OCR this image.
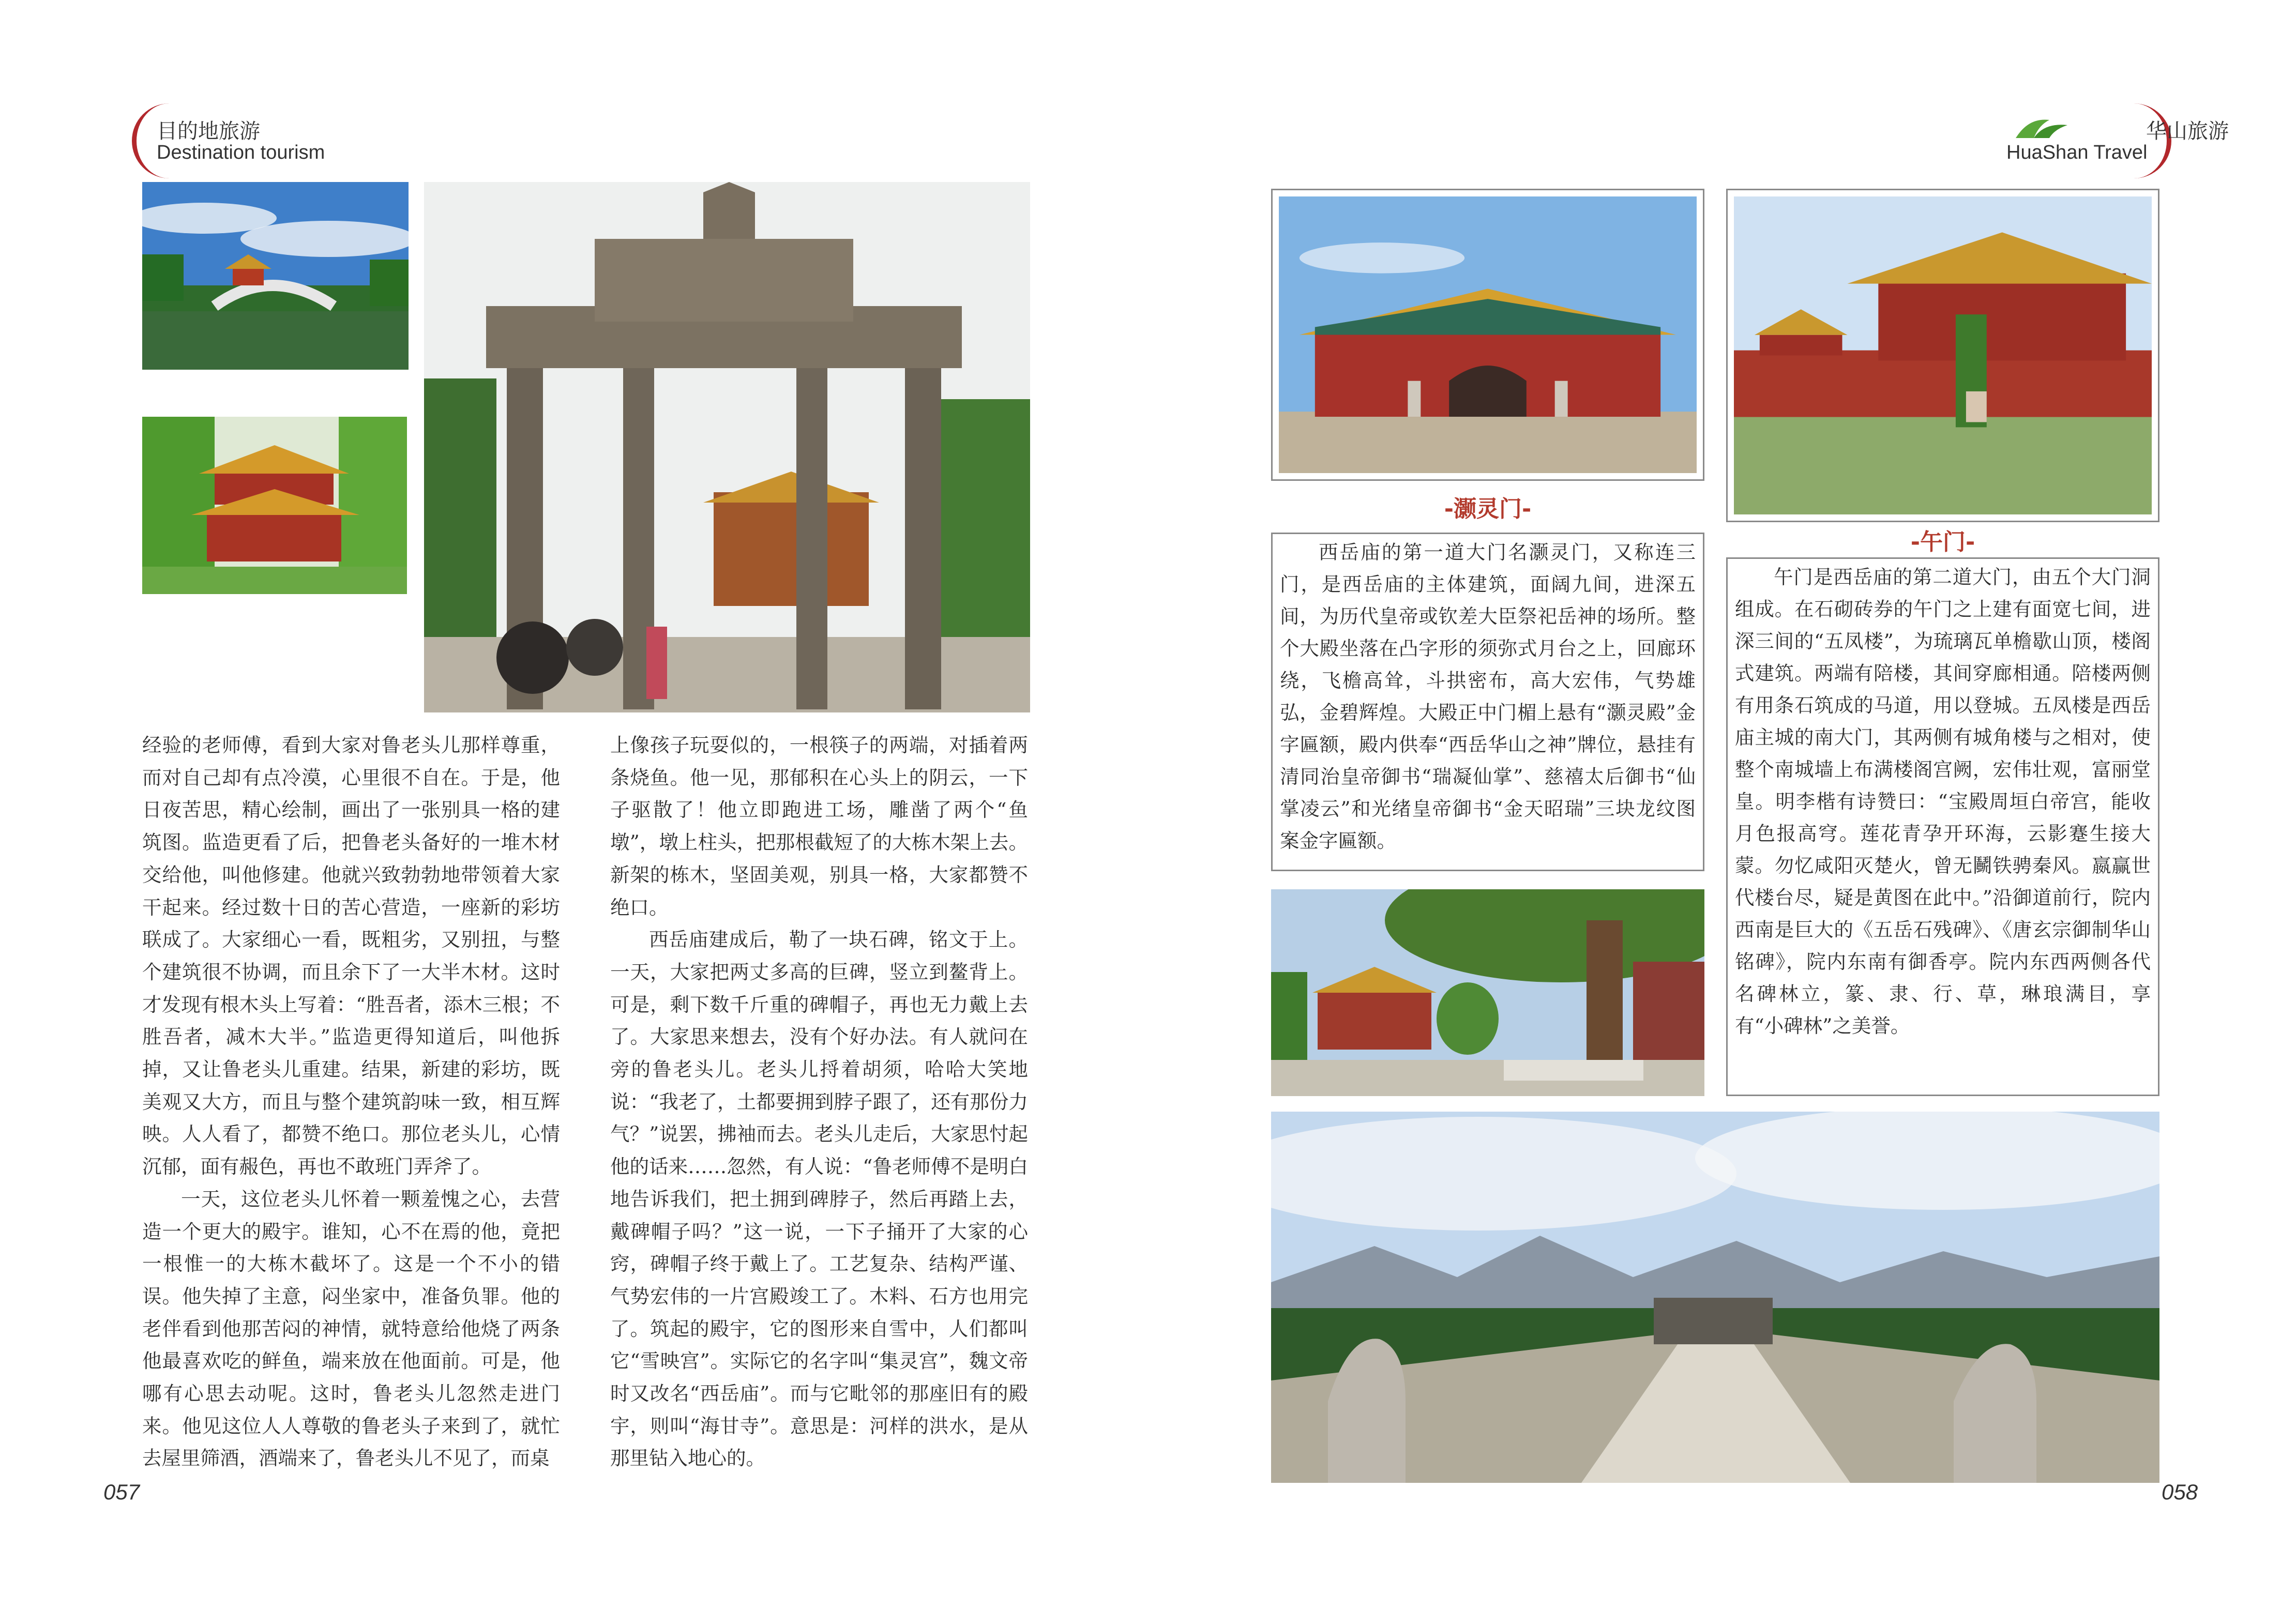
目的地旅游
Destination tourism
华山旅游
HuaShan Travel

经验的老师傅，看到大家对鲁老头儿那样尊重，而对自己却有点冷漠，心里很不自在。于是，他日夜苦思，精心绘制，画出了一张别具一格的建筑图。监造更看了后，把鲁老头备好的一堆木材交给他，叫他修建。他就兴致勃勃地带领着大家干起来。经过数十日的苦心营造，一座新的彩坊联成了。大家细心一看，既粗劣，又别扭，与整个建筑很不协调，而且余下了一大半木材。这时才发现有根木头上写着：“胜吾者，添木三根；不胜吾者，减木大半。”监造更得知道后，叫他拆掉，又让鲁老头儿重建。结果，新建的彩坊，既美观又大方，而且与整个建筑韵味一致，相互辉映。人人看了，都赞不绝口。那位老头儿，心情沉郁，面有赧色，再也不敢班门弄斧了。

一天，这位老头儿怀着一颗羞愧之心，去营造一个更大的殿宇。谁知，心不在焉的他，竟把一根惟一的大栋木截坏了。这是一个不小的错误。他失掉了主意，闷坐家中，准备负罪。他的老伴看到他那苦闷的神情，就特意给他烧了两条他最喜欢吃的鲜鱼，端来放在他面前。可是，他哪有心思去动呢。这时，鲁老头儿忽然走进门来。他见这位人人尊敬的鲁老头子来到了，就忙去屋里筛酒，酒端来了，鲁老头儿不见了，而桌

上像孩子玩耍似的，一根筷子的两端，对插着两条烧鱼。他一见，那郁积在心头上的阴云，一下子驱散了！他立即跑进工场，雕凿了两个“鱼墩”，墩上柱头，把那根截短了的大栋木架上去。新架的栋木，坚固美观，别具一格，大家都赞不绝口。

西岳庙建成后，勒了一块石碑，铭文于上。一天，大家把两丈多高的巨碑，竖立到鳌背上。可是，剩下数千斤重的碑帽子，再也无力戴上去了。大家思来想去，没有个好办法。有人就问在旁的鲁老头儿。老头儿捋着胡须，哈哈大笑地说：“我老了，土都要拥到脖子跟了，还有那份力气？”说罢，拂袖而去。老头儿走后，大家思忖起他的话来……忽然，有人说：“鲁老师傅不是明白地告诉我们，把土拥到碑脖子，然后再踏上去，戴碑帽子吗？”这一说，一下子捅开了大家的心窍，碑帽子终于戴上了。工艺复杂、结构严谨、气势宏伟的一片宫殿竣工了。木料、石方也用完了。筑起的殿宇，它的图形来自雪中，人们都叫它“雪映宫”。实际它的名字叫“集灵宫”，魏文帝时又改名“西岳庙”。而与它毗邻的那座旧有的殿宇，则叫“海甘寺”。意思是：河样的洪水，是从那里钻入地心的。

057
-灏灵门-
西岳庙的第一道大门名灏灵门，又称连三门，是西岳庙的主体建筑，面阔九间，进深五间，为历代皇帝或钦差大臣祭祀岳神的场所。整个大殿坐落在凸字形的须弥式月台之上，回廊环绕，飞檐高耸，斗拱密布，高大宏伟，气势雄弘，金碧辉煌。大殿正中门楣上悬有“灏灵殿”金字匾额，殿内供奉“西岳华山之神”牌位，悬挂有清同治皇帝御书“瑞凝仙掌”、慈禧太后御书“仙掌凌云”和光绪皇帝御书“金天昭瑞”三块龙纹图案金字匾额。
-午门-
午门是西岳庙的第二道大门，由五个大门洞组成。在石砌砖券的午门之上建有面宽七间，进深三间的“五凤楼”，为琉璃瓦单檐歇山顶，楼阁式建筑。两端有陪楼，其间穿廊相通。陪楼两侧有用条石筑成的马道，用以登城。五凤楼是西岳庙主城的南大门，其两侧有城角楼与之相对，使整个南城墙上布满楼阁宫阙，宏伟壮观，富丽堂皇。明李楷有诗赞曰：“宝殿周垣白帝宫，能收月色报高穹。莲花青孕开环海，云影蹇生接大蒙。勿忆咸阳灭楚火，曾无鬭铁骋秦风。嬴赢世代楼台尽，疑是黄图在此中。”沿御道前行，院内西南是巨大的《五岳石残碑》、《唐玄宗御制华山铭碑》，院内东南有御香亭。院内东西两侧各代名碑林立，篆、隶、行、草，琳琅满目，享有“小碑林”之美誉。
058
